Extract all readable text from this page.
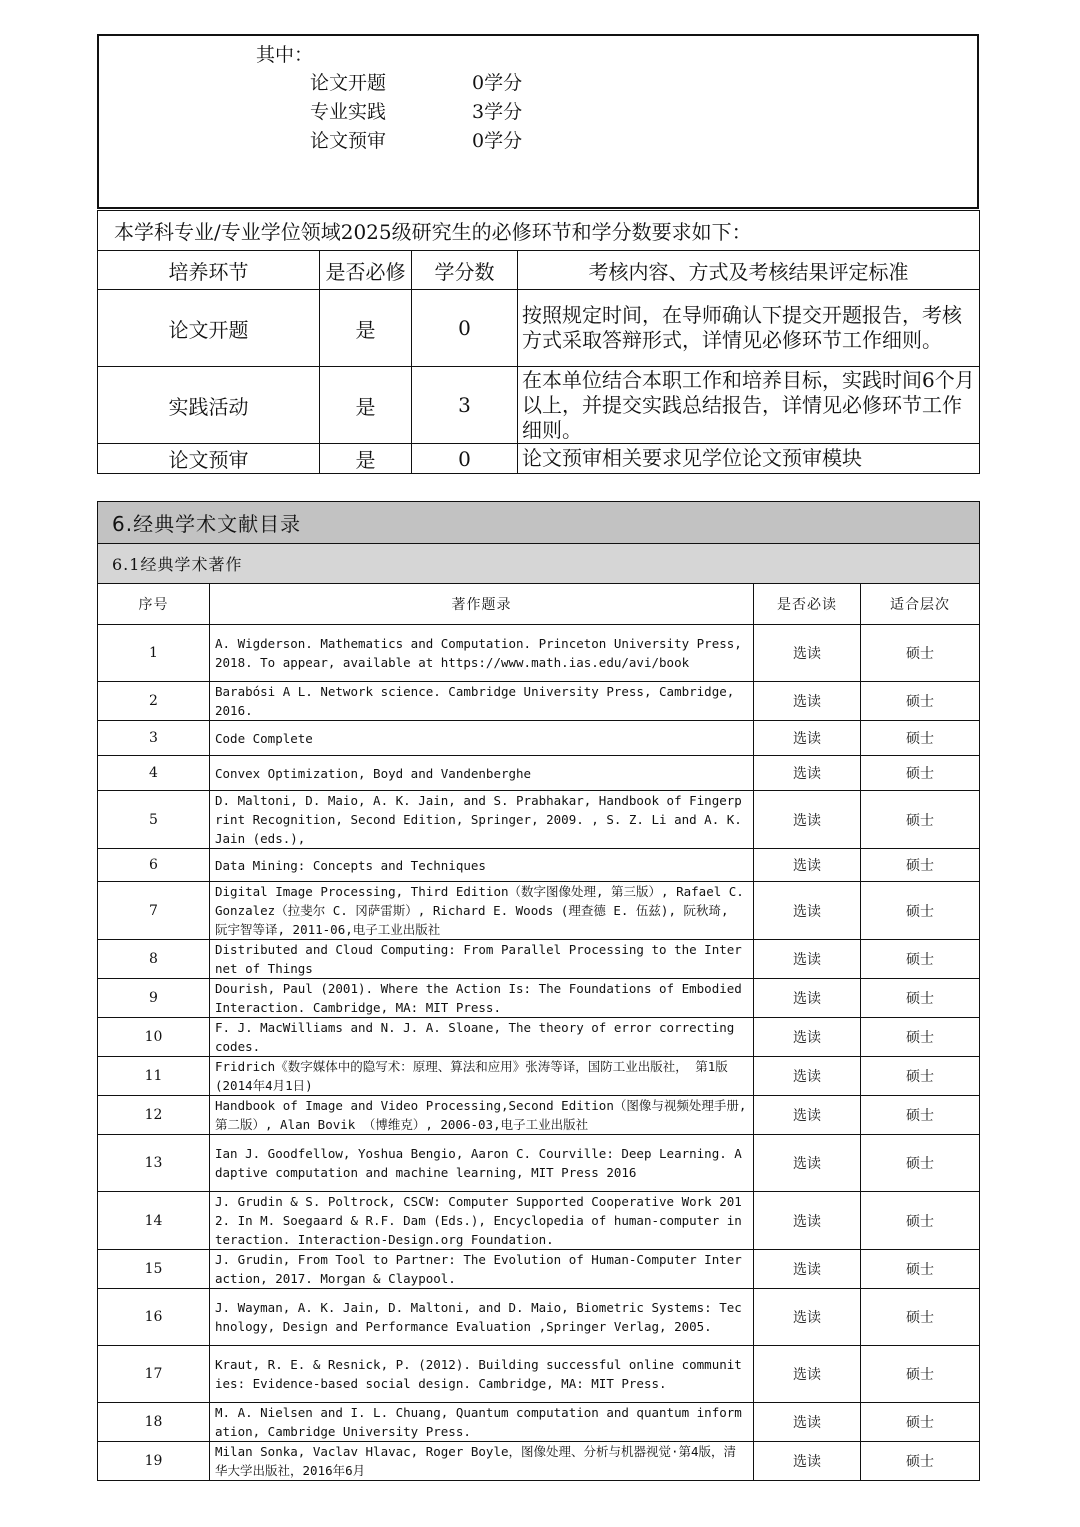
其中：
论文开题	0学分
专业实践	3学分
论文预审	0学分
本学科专业/专业学位领域2025级研究生的必修环节和学分数要求如下：			
培养环节	是否必修	学分数	考核内容、方式及考核结果评定标准
论文开题	是	0	按照规定时间，在导师确认下提交开题报告，考核方式采取答辩形式，详情见必修环节工作细则。
实践活动	是	3	在本单位结合本职工作和培养目标，实践时间6个月以上，并提交实践总结报告，详情见必修环节工作细则。
论文预审	是	0	论文预审相关要求见学位论文预审模块
6.经典学术文献目录			
6.1经典学术著作			
序号	著作题录	是否必读	适合层次
1	A. Wigderson. Mathematics and Computation. Princeton University Press, 2018. To appear, available at https://www.math.ias.edu/avi/book	选读	硕士
2	Barabósi A L. Network science. Cambridge University Press, Cambridge, 2016.	选读	硕士
3	Code Complete	选读	硕士
4	Convex Optimization, Boyd and Vandenberghe	选读	硕士
5	D. Maltoni, D. Maio, A. K. Jain, and S. Prabhakar, Handbook of Fingerprint Recognition, Second Edition, Springer, 2009. , S. Z. Li and A. K. Jain (eds.),	选读	硕士
6	Data Mining: Concepts and Techniques	选读	硕士
7	Digital Image Processing, Third Edition（数字图像处理, 第三版）, Rafael C. Gonzalez（拉斐尔 C. 冈萨雷斯）, Richard E. Woods (理查德 E. 伍兹), 阮秋琦, 阮宇智等译, 2011-06,电子工业出版社	选读	硕士
8	Distributed and Cloud Computing: From Parallel Processing to the Internet of Things	选读	硕士
9	Dourish, Paul (2001). Where the Action Is: The Foundations of Embodied Interaction. Cambridge, MA: MIT Press.	选读	硕士
10	F. J. MacWilliams and N. J. A. Sloane, The theory of error correcting codes.	选读	硕士
11	Fridrich《数字媒体中的隐写术：原理、算法和应用》张涛等译，国防工业出版社， 第1版 (2014年4月1日)	选读	硕士
12	Handbook of Image and Video Processing,Second Edition（图像与视频处理手册, 第二版）, Alan Bovik （博维克）, 2006-03,电子工业出版社	选读	硕士
13	Ian J. Goodfellow, Yoshua Bengio, Aaron C. Courville: Deep Learning. Adaptive computation and machine learning, MIT Press 2016	选读	硕士
14	J. Grudin & S. Poltrock, CSCW: Computer Supported Cooperative Work 2012. In M. Soegaard & R.F. Dam (Eds.), Encyclopedia of human-computer interaction. Interaction-Design.org Foundation.	选读	硕士
15	J. Grudin, From Tool to Partner: The Evolution of Human-Computer Interaction, 2017. Morgan & Claypool.	选读	硕士
16	J. Wayman, A. K. Jain, D. Maltoni, and D. Maio, Biometric Systems: Technology, Design and Performance Evaluation ,Springer Verlag, 2005.	选读	硕士
17	Kraut, R. E. & Resnick, P. (2012). Building successful online communities: Evidence-based social design. Cambridge, MA: MIT Press.	选读	硕士
18	M. A. Nielsen and I. L. Chuang, Quantum computation and quantum information, Cambridge University Press.	选读	硕士
19	Milan Sonka, Vaclav Hlavac, Roger Boyle，图像处理、分析与机器视觉·第4版，清华大学出版社，2016年6月	选读	硕士
